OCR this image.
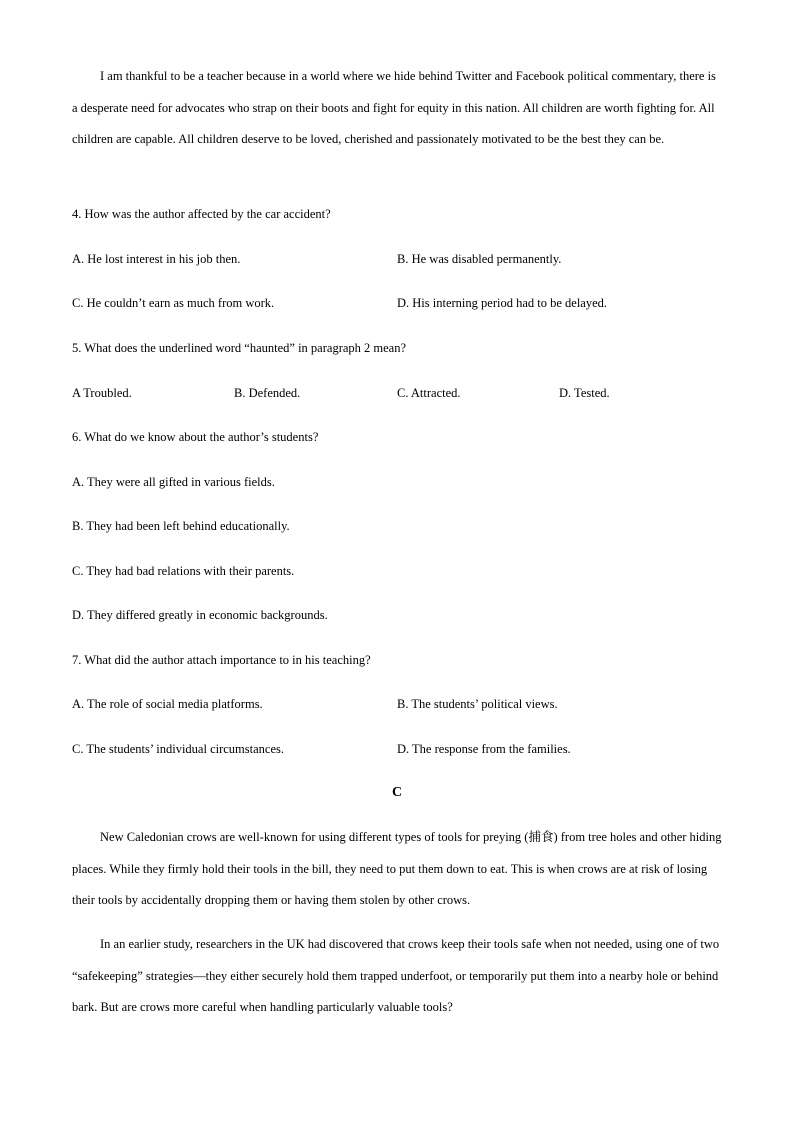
I am thankful to be a teacher because in a world where we hide behind Twitter and Facebook political commentary, there is a desperate need for advocates who strap on their boots and fight for equity in this nation. All children are worth fighting for. All children are capable. All children deserve to be loved, cherished and passionately motivated to be the best they can be.

4. How was the author affected by the car accident?
A. He lost interest in his job then.	B. He was disabled permanently.
C. He couldn’t earn as much from work.	D. His interning period had to be delayed.
5. What does the underlined word “haunted” in paragraph 2 mean?
A Troubled.	B. Defended.	C. Attracted.	D. Tested.
6. What do we know about the author’s students?
A. They were all gifted in various fields.
B. They had been left behind educationally.
C. They had bad relations with their parents.
D. They differed greatly in economic backgrounds.
7. What did the author attach importance to in his teaching?
A. The role of social media platforms.	B. The students’ political views.
C. The students’ individual circumstances.	D. The response from the families.
C

New Caledonian crows are well-known for using different types of tools for preying (捕食) from tree holes and other hiding places. While they firmly hold their tools in the bill, they need to put them down to eat. This is when crows are at risk of losing their tools by accidentally dropping them or having them stolen by other crows.

In an earlier study, researchers in the UK had discovered that crows keep their tools safe when not needed, using one of two “safekeeping” strategies—they either securely hold them trapped underfoot, or temporarily put them into a nearby hole or behind bark. But are crows more careful when handling particularly valuable tools?
